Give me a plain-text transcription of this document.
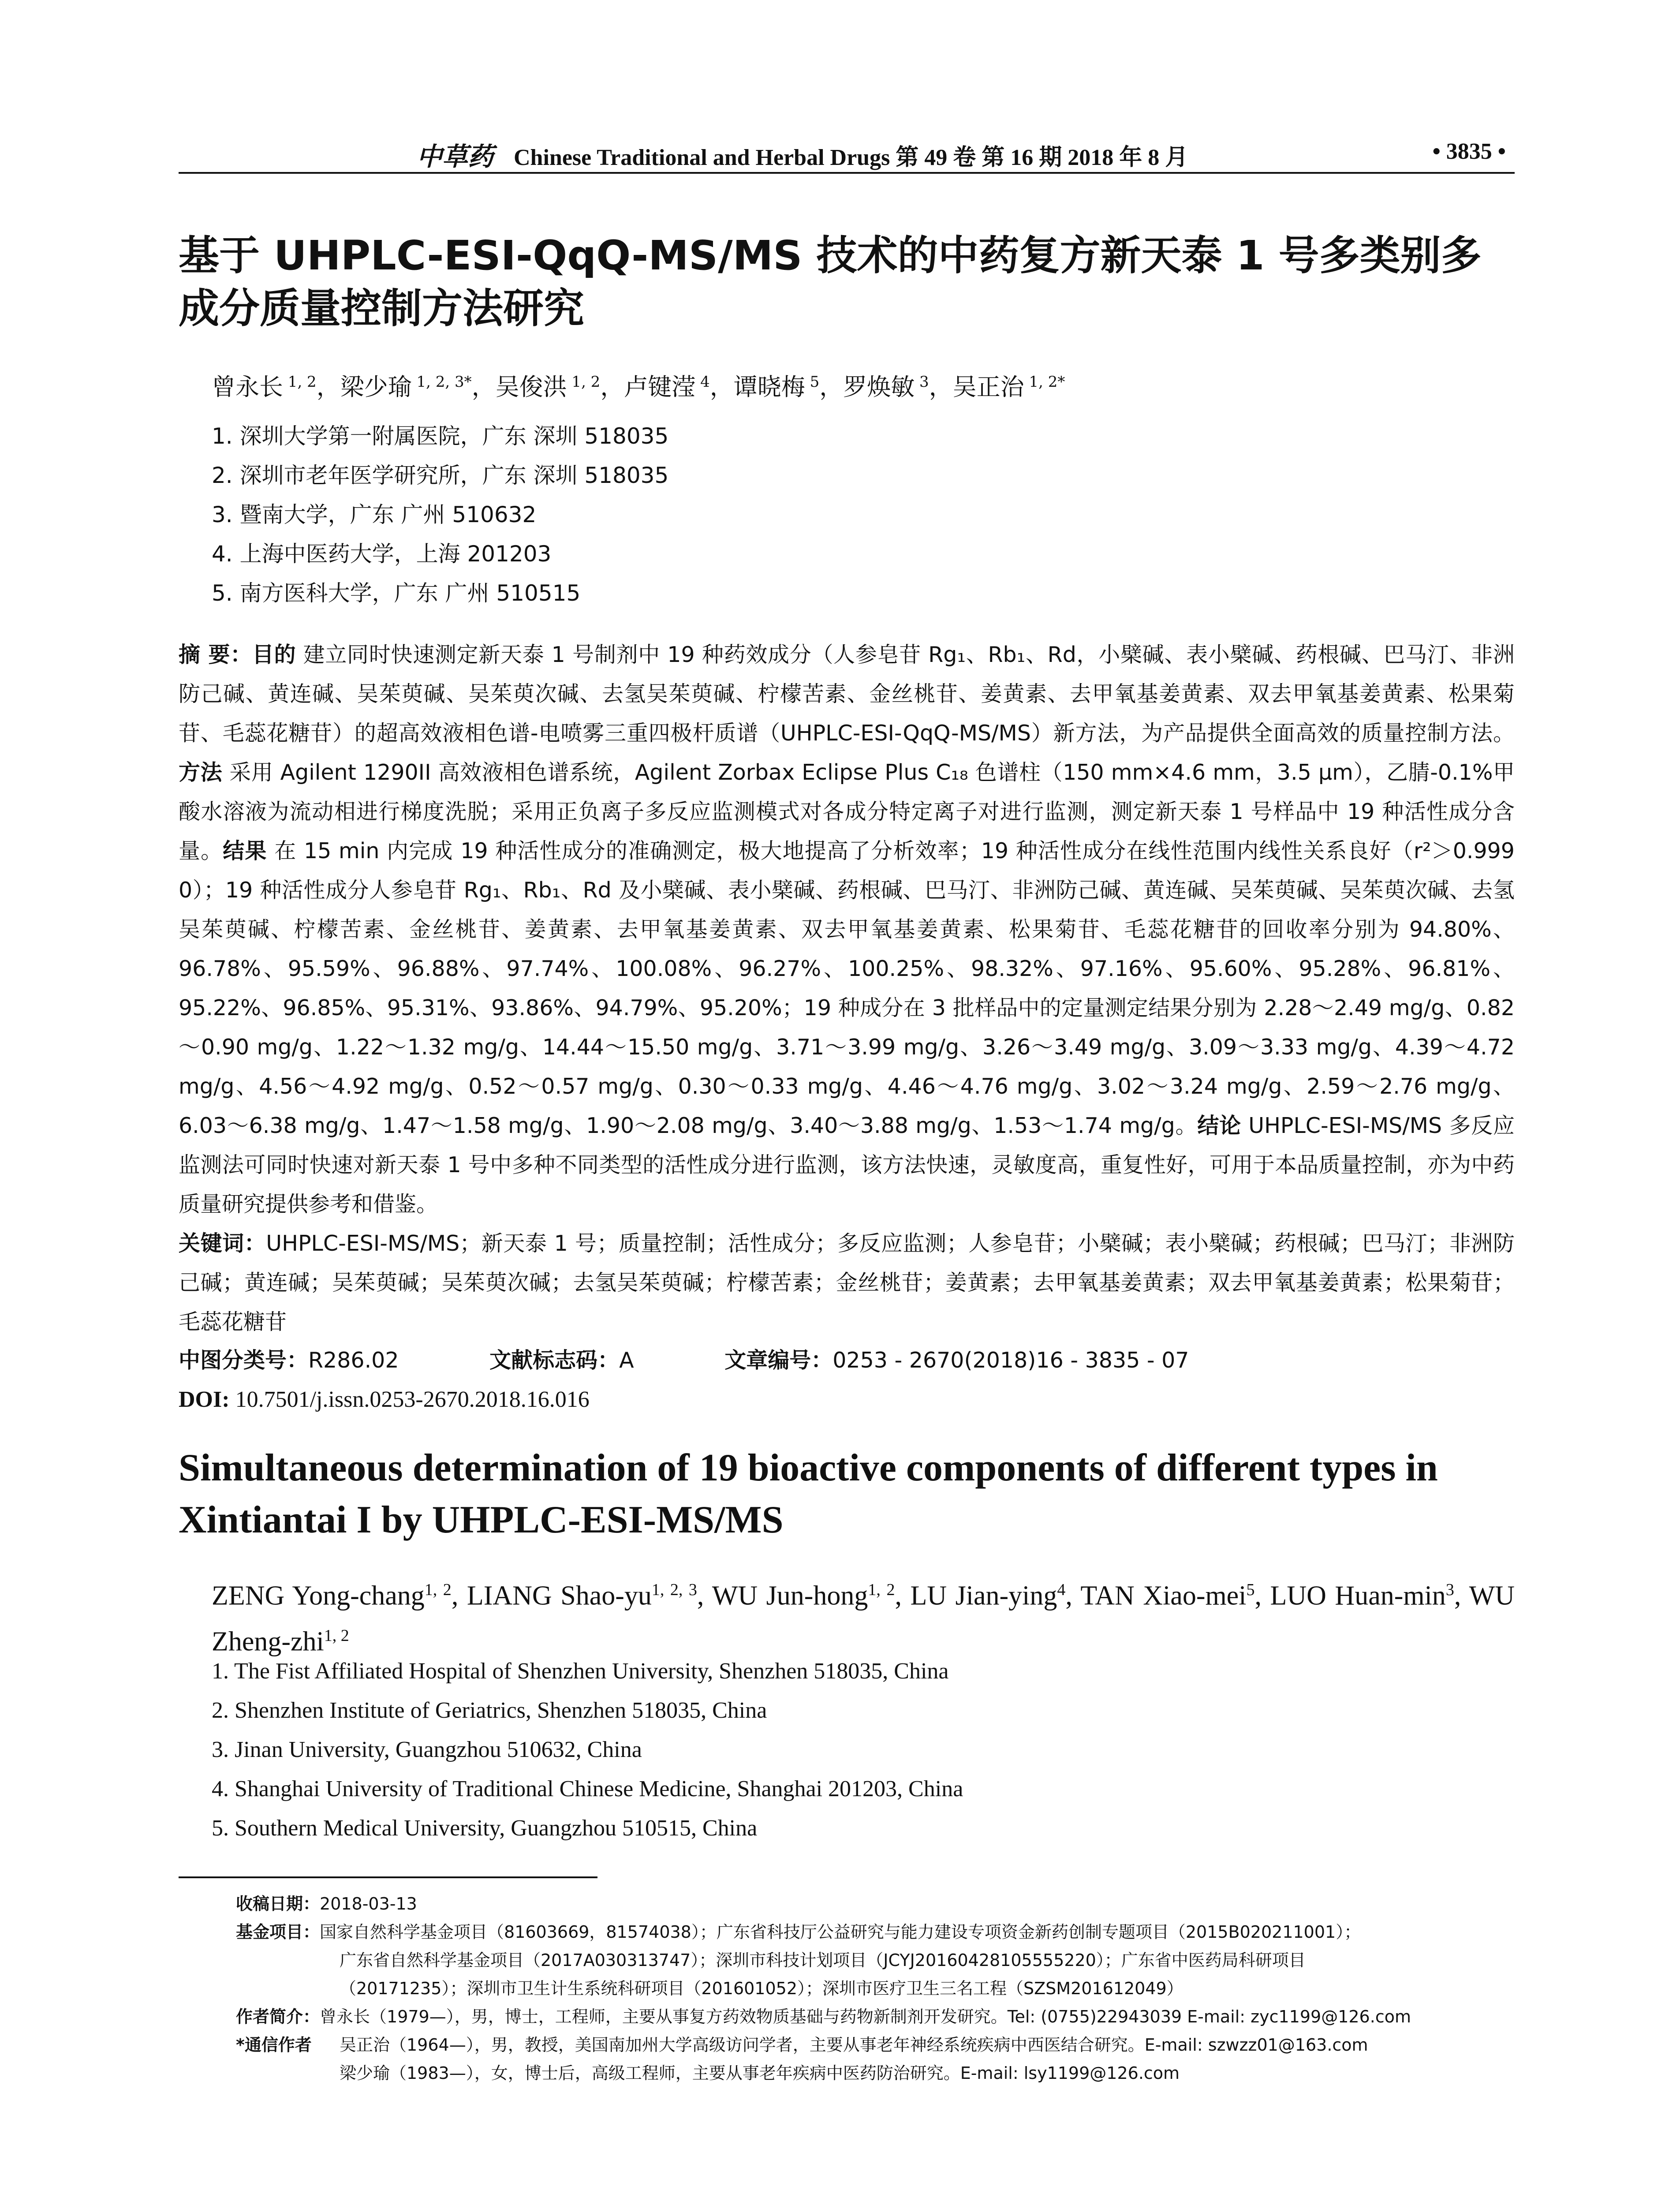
中草药 Chinese Traditional and Herbal Drugs 第 49 卷 第 16 期 2018 年 8 月	• 3835 •
基于 UHPLC-ESI-QqQ-MS/MS 技术的中药复方新天泰 1 号多类别多成分质量控制方法研究
曾永长 $^{1, 2}$，梁少瑜 $^{1, 2, 3*}$，吴俊洪 $^{1, 2}$，卢键滢 $^4$，谭晓梅 $^5$，罗焕敏 $^3$，吴正治 $^{1, 2*}$
1. 深圳大学第一附属医院，广东 深圳 518035
2. 深圳市老年医学研究所，广东 深圳 518035
3. 暨南大学，广东 广州 510632
4. 上海中医药大学，上海 201203
5. 南方医科大学，广东 广州 510515
摘 要：目的 建立同时快速测定新天泰 1 号制剂中 19 种药效成分（人参皂苷 Rg₁、Rb₁、Rd，小檗碱、表小檗碱、药根碱、巴马汀、非洲防己碱、黄连碱、吴茱萸碱、吴茱萸次碱、去氢吴茱萸碱、柠檬苦素、金丝桃苷、姜黄素、去甲氧基姜黄素、双去甲氧基姜黄素、松果菊苷、毛蕊花糖苷）的超高效液相色谱-电喷雾三重四极杆质谱（UHPLC-ESI-QqQ-MS/MS）新方法，为产品提供全面高效的质量控制方法。方法 采用 Agilent 1290II 高效液相色谱系统，Agilent Zorbax Eclipse Plus C₁₈ 色谱柱（150 mm×4.6 mm，3.5 μm），乙腈-0.1%甲酸水溶液为流动相进行梯度洗脱；采用正负离子多反应监测模式对各成分特定离子对进行监测，测定新天泰 1 号样品中 19 种活性成分含量。结果 在 15 min 内完成 19 种活性成分的准确测定，极大地提高了分析效率；19 种活性成分在线性范围内线性关系良好（r²＞0.999 0）；19 种活性成分人参皂苷 Rg₁、Rb₁、Rd 及小檗碱、表小檗碱、药根碱、巴马汀、非洲防己碱、黄连碱、吴茱萸碱、吴茱萸次碱、去氢吴茱萸碱、柠檬苦素、金丝桃苷、姜黄素、去甲氧基姜黄素、双去甲氧基姜黄素、松果菊苷、毛蕊花糖苷的回收率分别为 94.80%、96.78%、95.59%、96.88%、97.74%、100.08%、96.27%、100.25%、98.32%、97.16%、95.60%、95.28%、96.81%、95.22%、96.85%、95.31%、93.86%、94.79%、95.20%；19 种成分在 3 批样品中的定量测定结果分别为 2.28～2.49 mg/g、0.82～0.90 mg/g、1.22～1.32 mg/g、14.44～15.50 mg/g、3.71～3.99 mg/g、3.26～3.49 mg/g、3.09～3.33 mg/g、4.39～4.72 mg/g、4.56～4.92 mg/g、0.52～0.57 mg/g、0.30～0.33 mg/g、4.46～4.76 mg/g、3.02～3.24 mg/g、2.59～2.76 mg/g、6.03～6.38 mg/g、1.47～1.58 mg/g、1.90～2.08 mg/g、3.40～3.88 mg/g、1.53～1.74 mg/g。结论 UHPLC-ESI-MS/MS 多反应监测法可同时快速对新天泰 1 号中多种不同类型的活性成分进行监测，该方法快速，灵敏度高，重复性好，可用于本品质量控制，亦为中药质量研究提供参考和借鉴。
关键词：UHPLC-ESI-MS/MS；新天泰 1 号；质量控制；活性成分；多反应监测；人参皂苷；小檗碱；表小檗碱；药根碱；巴马汀；非洲防己碱；黄连碱；吴茱萸碱；吴茱萸次碱；去氢吴茱萸碱；柠檬苦素；金丝桃苷；姜黄素；去甲氧基姜黄素；双去甲氧基姜黄素；松果菊苷；毛蕊花糖苷
中图分类号：R286.02	文献标志码：A	文章编号：0253 - 2670(2018)16 - 3835 - 07
DOI: 10.7501/j.issn.0253-2670.2018.16.016
Simultaneous determination of 19 bioactive components of different types in Xintiantai I by UHPLC-ESI-MS/MS
ZENG Yong-chang$^{1, 2}$, LIANG Shao-yu$^{1, 2, 3}$, WU Jun-hong$^{1, 2}$, LU Jian-ying$^4$, TAN Xiao-mei$^5$, LUO Huan-$\min^3$, WU Zheng-zhi$^{1, 2}$
1. The Fist Affiliated Hospital of Shenzhen University, Shenzhen 518035, China
2. Shenzhen Institute of Geriatrics, Shenzhen 518035, China
3. Jinan University, Guangzhou 510632, China
4. Shanghai University of Traditional Chinese Medicine, Shanghai 201203, China
5. Southern Medical University, Guangzhou 510515, China
收稿日期： 2018-03-13
基金项目： 国家自然科学基金项目（81603669，81574038）；广东省科技厅公益研究与能力建设专项资金新药创制专题项目（2015B020211001）；
广东省自然科学基金项目（2017A030313747）；深圳市科技计划项目（JCYJ20160428105555220）；广东省中医药局科研项目
（20171235）；深圳市卫生计生系统科研项目（201601052）；深圳市医疗卫生三名工程（SZSM201612049）
作者简介： 曾永长（1979—），男，博士，工程师，主要从事复方药效物质基础与药物新制剂开发研究。Tel: (0755)22943039 E-mail: zyc1199@126.com
*通信作者	吴正治（1964—），男，教授，美国南加州大学高级访问学者，主要从事老年神经系统疾病中西医结合研究。E-mail: szwzz01@163.com
梁少瑜（1983—），女，博士后，高级工程师，主要从事老年疾病中医药防治研究。E-mail: lsy1199@126.com
